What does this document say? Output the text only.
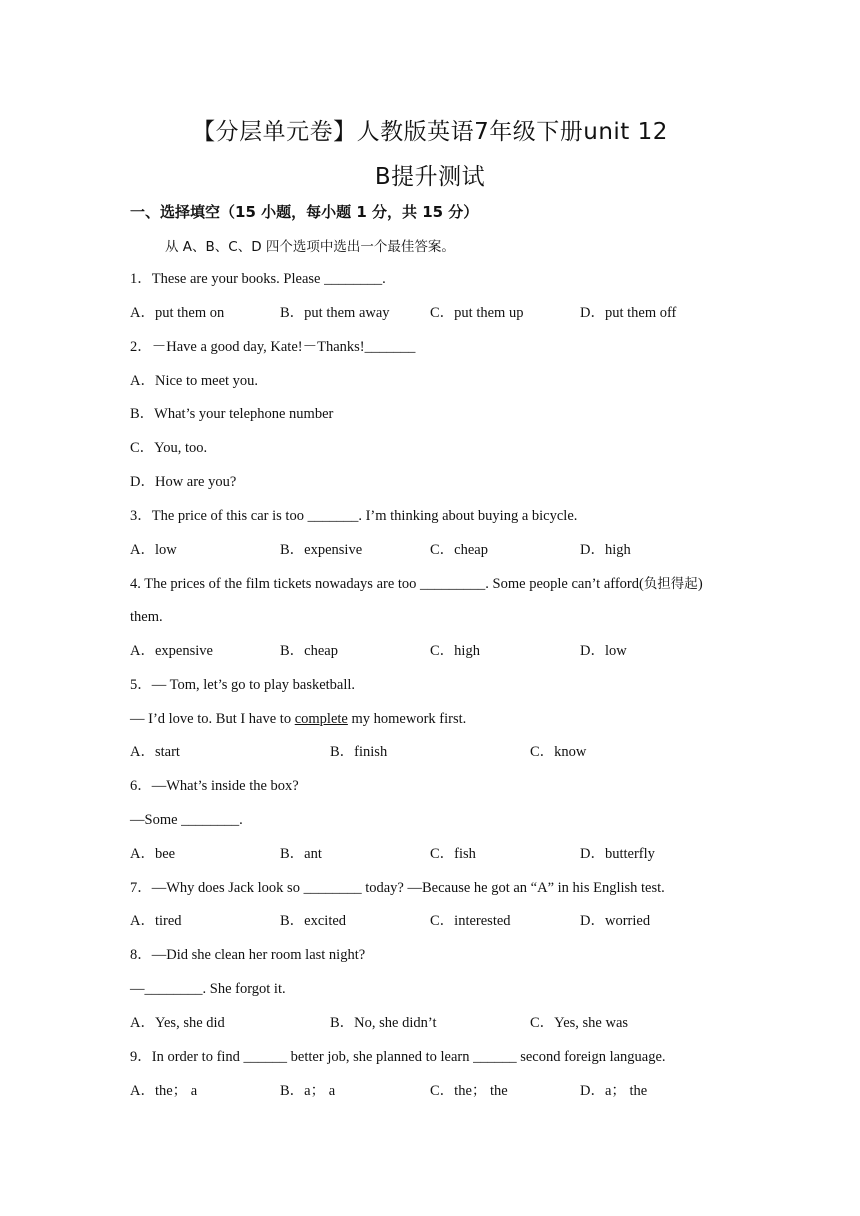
【分层单元卷】人教版英语7年级下册unit 12
B提升测试
一、选择填空（15 小题，每小题 1 分，共 15 分）
从 A、B、C、D 四个选项中选出一个最佳答案。
1．These are your books. Please ________.
A．put them on	B．put them away	C．put them up	D．put them off
2．－Have a good day, Kate!－Thanks!_______
A．Nice to meet you.
B．What’s your telephone number
C．You, too.
D．How are you?
3．The price of this car is too _______. I’m thinking about buying a bicycle.
A．low	B．expensive	C．cheap	D．high
4. The prices of the film tickets nowadays are too _________. Some people can’t afford(负担得起)
them.
A．expensive	B．cheap	C．high	D．low
5．— Tom, let’s go to play basketball.
— I’d love to. But I have to complete my homework first.
A．start	B．finish	C．know
6．—What’s inside the box?
—Some ________.
A．bee	B．ant	C．fish	D．butterfly
7．—Why does Jack look so ________ today? —Because he got an “A” in his English test.
A．tired	B．excited	C．interested	D．worried
8．—Did she clean her room last night?
—________. She forgot it.
A．Yes, she did	B．No, she didn’t	C．Yes, she was
9．In order to find ______ better job, she planned to learn ______ second foreign language.
A．the； a	B．a； a	C．the； the	D．a； the
